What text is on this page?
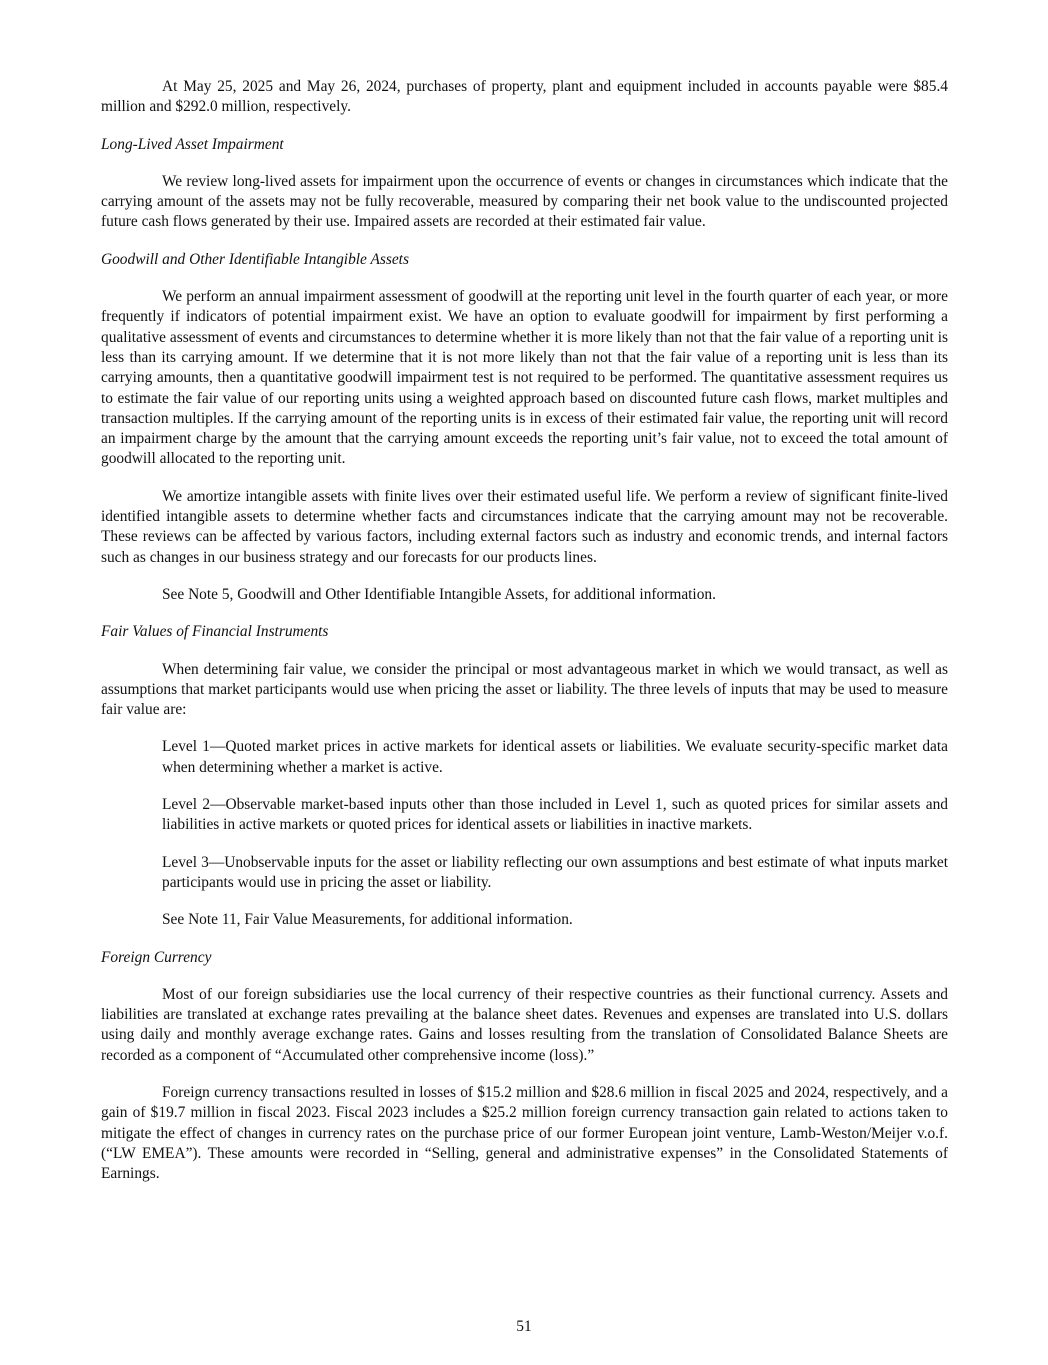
At May 25, 2025 and May 26, 2024, purchases of property, plant and equipment included in accounts payable were $85.4 million and $292.0 million, respectively.

Long-Lived Asset Impairment

We review long-lived assets for impairment upon the occurrence of events or changes in circumstances which indicate that the carrying amount of the assets may not be fully recoverable, measured by comparing their net book value to the undiscounted projected future cash flows generated by their use. Impaired assets are recorded at their estimated fair value.

Goodwill and Other Identifiable Intangible Assets

We perform an annual impairment assessment of goodwill at the reporting unit level in the fourth quarter of each year, or more frequently if indicators of potential impairment exist. We have an option to evaluate goodwill for impairment by first performing a qualitative assessment of events and circumstances to determine whether it is more likely than not that the fair value of a reporting unit is less than its carrying amount. If we determine that it is not more likely than not that the fair value of a reporting unit is less than its carrying amounts, then a quantitative goodwill impairment test is not required to be performed. The quantitative assessment requires us to estimate the fair value of our reporting units using a weighted approach based on discounted future cash flows, market multiples and transaction multiples. If the carrying amount of the reporting units is in excess of their estimated fair value, the reporting unit will record an impairment charge by the amount that the carrying amount exceeds the reporting unit’s fair value, not to exceed the total amount of goodwill allocated to the reporting unit.

We amortize intangible assets with finite lives over their estimated useful life. We perform a review of significant finite-lived identified intangible assets to determine whether facts and circumstances indicate that the carrying amount may not be recoverable. These reviews can be affected by various factors, including external factors such as industry and economic trends, and internal factors such as changes in our business strategy and our forecasts for our products lines.

See Note 5, Goodwill and Other Identifiable Intangible Assets, for additional information.

Fair Values of Financial Instruments

When determining fair value, we consider the principal or most advantageous market in which we would transact, as well as assumptions that market participants would use when pricing the asset or liability. The three levels of inputs that may be used to measure fair value are:

Level 1—Quoted market prices in active markets for identical assets or liabilities. We evaluate security-specific market data when determining whether a market is active.

Level 2—Observable market-based inputs other than those included in Level 1, such as quoted prices for similar assets and liabilities in active markets or quoted prices for identical assets or liabilities in inactive markets.

Level 3—Unobservable inputs for the asset or liability reflecting our own assumptions and best estimate of what inputs market participants would use in pricing the asset or liability.

See Note 11, Fair Value Measurements, for additional information.

Foreign Currency

Most of our foreign subsidiaries use the local currency of their respective countries as their functional currency. Assets and liabilities are translated at exchange rates prevailing at the balance sheet dates. Revenues and expenses are translated into U.S. dollars using daily and monthly average exchange rates. Gains and losses resulting from the translation of Consolidated Balance Sheets are recorded as a component of “Accumulated other comprehensive income (loss).”

Foreign currency transactions resulted in losses of $15.2 million and $28.6 million in fiscal 2025 and 2024, respectively, and a gain of $19.7 million in fiscal 2023. Fiscal 2023 includes a $25.2 million foreign currency transaction gain related to actions taken to mitigate the effect of changes in currency rates on the purchase price of our former European joint venture, Lamb-Weston/Meijer v.o.f. (“LW EMEA”). These amounts were recorded in “Selling, general and administrative expenses” in the Consolidated Statements of Earnings.

51
